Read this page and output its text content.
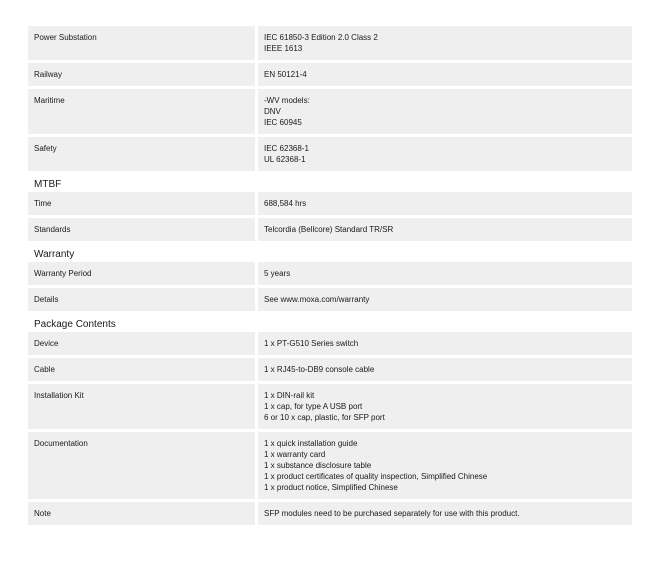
Power Substation	IEC 61850-3 Edition 2.0 Class 2
IEEE 1613
Railway	EN 50121-4
Maritime	-WV models:
DNV
IEC 60945
Safety	IEC 62368-1
UL 62368-1
MTBF
Time	688,584 hrs
Standards	Telcordia (Bellcore) Standard TR/SR
Warranty
Warranty Period	5 years
Details	See www.moxa.com/warranty
Package Contents
Device	1 x PT-G510 Series switch
Cable	1 x RJ45-to-DB9 console cable
Installation Kit	1 x DIN-rail kit
1 x cap, for type A USB port
6 or 10 x cap, plastic, for SFP port
Documentation	1 x quick installation guide
1 x warranty card
1 x substance disclosure table
1 x product certificates of quality inspection, Simplified Chinese
1 x product notice, Simplified Chinese
Note	SFP modules need to be purchased separately for use with this product.
